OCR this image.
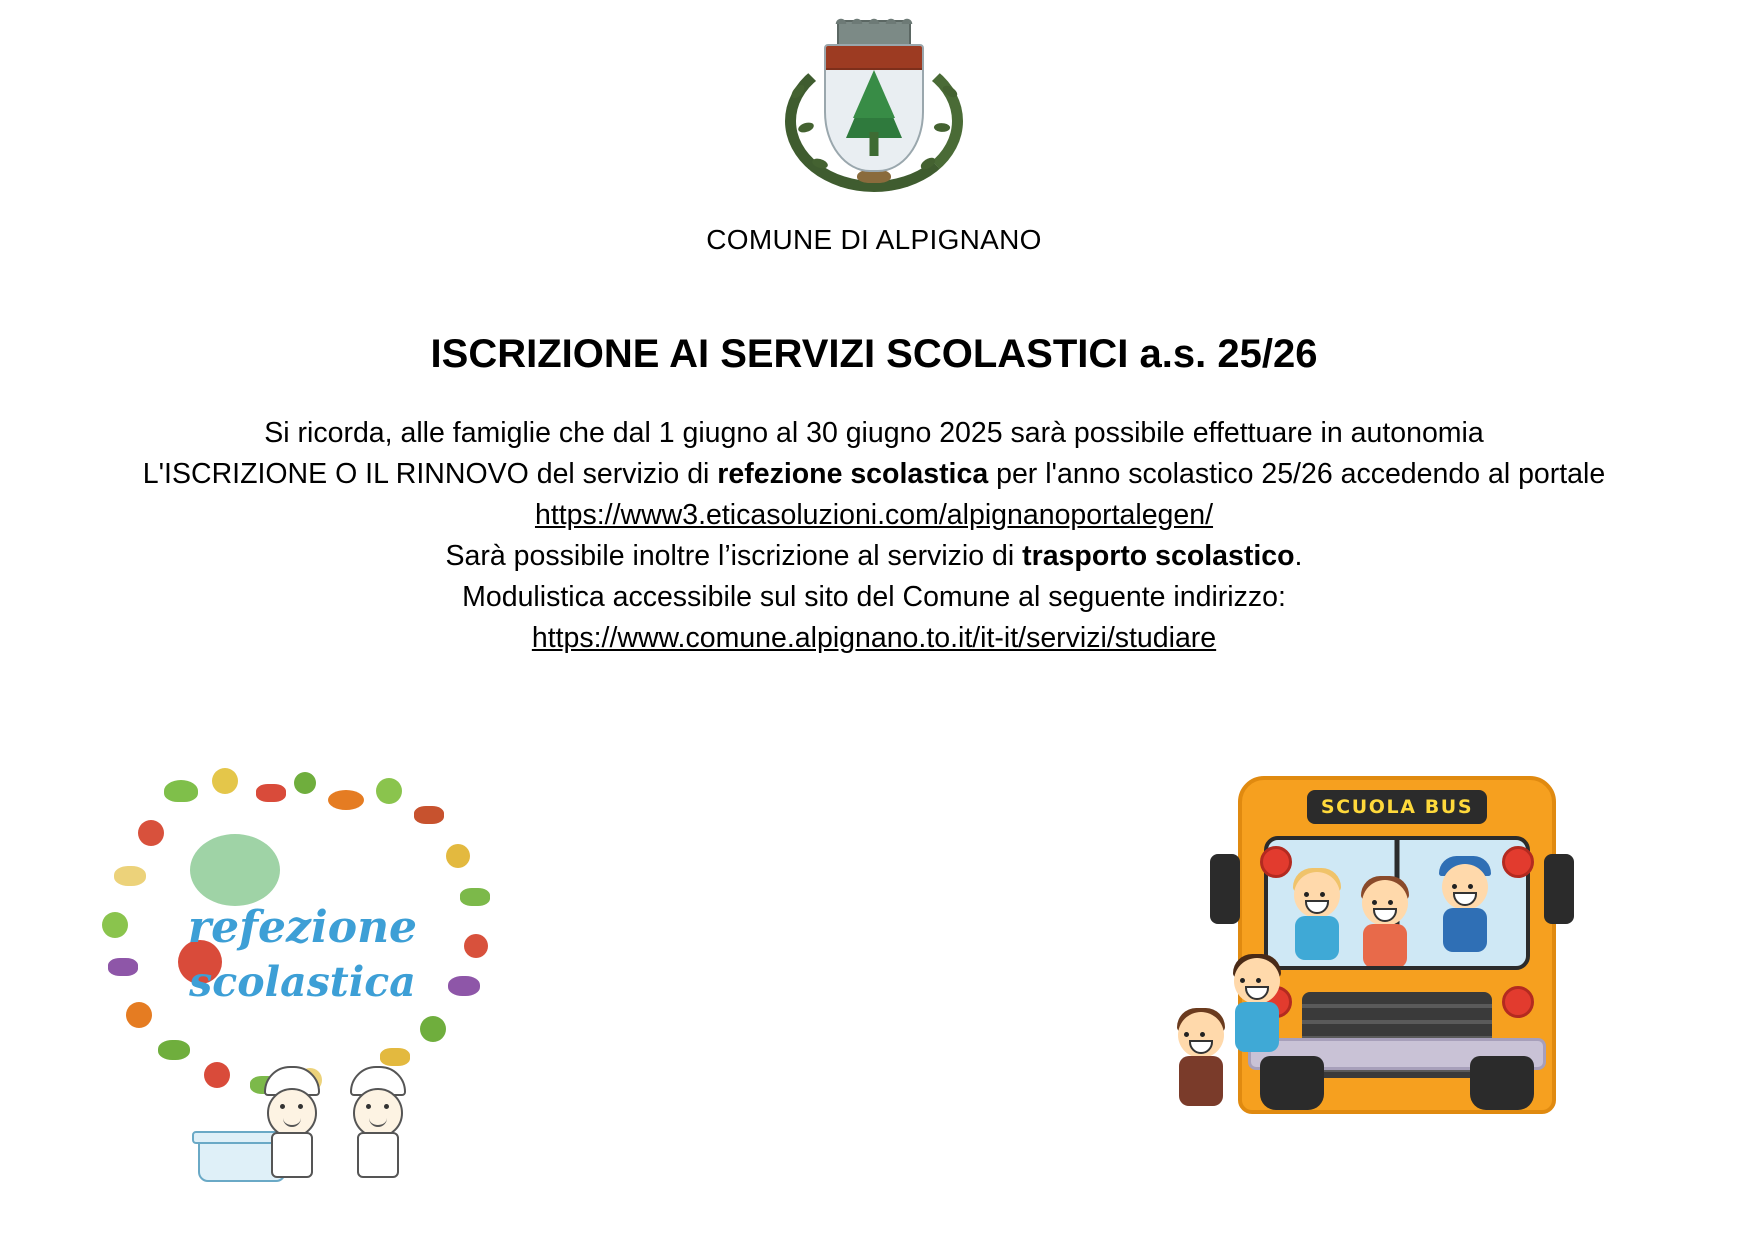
COMUNE DI ALPIGNANO
ISCRIZIONE AI SERVIZI SCOLASTICI a.s. 25/26

Si ricorda, alle famiglie che dal 1 giugno al 30 giugno 2025 sarà possibile effettuare in autonomia

L'ISCRIZIONE O IL RINNOVO del servizio di refezione scolastica per l'anno scolastico 25/26 accedendo al portale

https://www3.eticasoluzioni.com/alpignanoportalegen/

Sarà possibile inoltre l’iscrizione al servizio di trasporto scolastico.

Modulistica accessibile sul sito del Comune al seguente indirizzo:

https://www.comune.alpignano.to.it/it-it/servizi/studiare

refezione
scolastica
SCUOLA BUS
